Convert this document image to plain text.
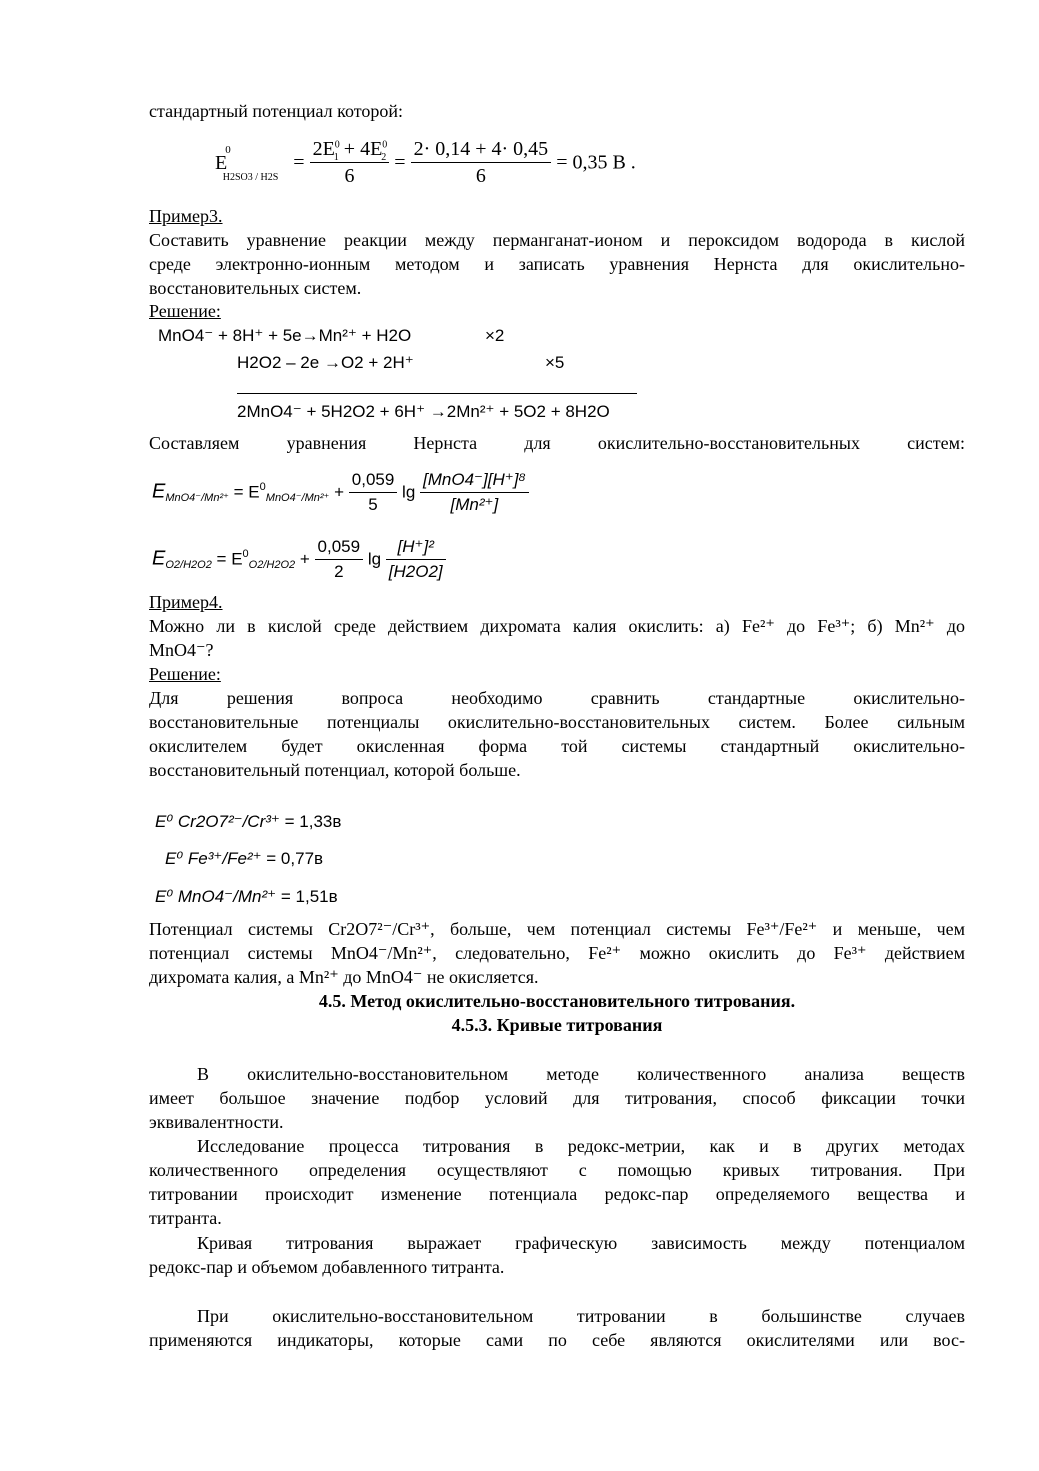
стандартный потенциал которой:
$E^0_{H2SO3 / H2S} = \frac{2E^0_1 + 4E^0_2}{6} = \frac{2\cdot 0,14 + 4\cdot 0,45}{6} = 0,35$ В .
Пример3.
Составить уравнение реакции между перманганат-ионом и пероксидом водорода в кислой
среде электронно-ионным методом и записать уравнения Нернста для окислительно-
восстановительных систем.
Решение:
MnO4⁻ + 8H⁺ + 5e→Mn²⁺ + H2O	×2
H2O2 – 2e →O2 + 2H⁺	×5
2MnO4⁻ + 5H2O2 + 6H⁺ →2Mn²⁺ + 5O2 + 8H2O
Составляем уравнения Нернста для окислительно-восстановительных систем:
$E_{MnO4^-/Mn^{2+}} = E^0_{MnO4^-/Mn^{2+}} + \frac{0,059}{5}$ $\lg \frac{\text{[MnO4⁻][H⁺]⁸}}{\text{[Mn²⁺]}}$
$E_{O2/H2O2} = E^0_{O2/H2O2} + \frac{0,059}{2}$ $\lg \frac{\text{[H⁺]²}}{[H2O2]}$
Пример4.
Можно ли в кислой среде действием дихромата калия окислить: а) Fe²⁺ до Fe³⁺; б) Mn²⁺ до
MnO4⁻?
Решение:
Для решения вопроса необходимо сравнить стандартные окислительно-
восстановительные потенциалы окислительно-восстановительных систем. Более сильным
окислителем будет окисленная форма той системы стандартный окислительно-
восстановительный потенциал, которой больше.
E⁰ Cr2O7²⁻/Cr³⁺ = 1,33в
E⁰ Fe³⁺/Fe²⁺ = 0,77в
E⁰ MnO4⁻/Mn²⁺ = 1,51в
Потенциал системы Cr2O7²⁻/Cr³⁺, больше, чем потенциал системы Fe³⁺/Fe²⁺ и меньше, чем
потенциал системы MnO4⁻/Mn²⁺, следовательно, Fe²⁺ можно окислить до Fe³⁺ действием
дихромата калия, а Mn²⁺ до MnO4⁻ не окисляется.
4.5. Метод окислительно-восстановительного титрования.
4.5.3. Кривые титрования
В окислительно-восстановительном методе количественного анализа веществ
имеет большое значение подбор условий для титрования, способ фиксации точки
эквивалентности.
Исследование процесса титрования в редокс-метрии, как и в других методах
количественного определения осуществляют с помощью кривых титрования. При
титровании происходит изменение потенциала редокс-пар определяемого вещества и
титранта.
Кривая титрования выражает графическую зависимость между потенциалом
редокс-пар и объемом добавленного титранта.
При окислительно-восстановительном титровании в большинстве случаев
применяются индикаторы, которые сами по себе являются окислителями или вос-
